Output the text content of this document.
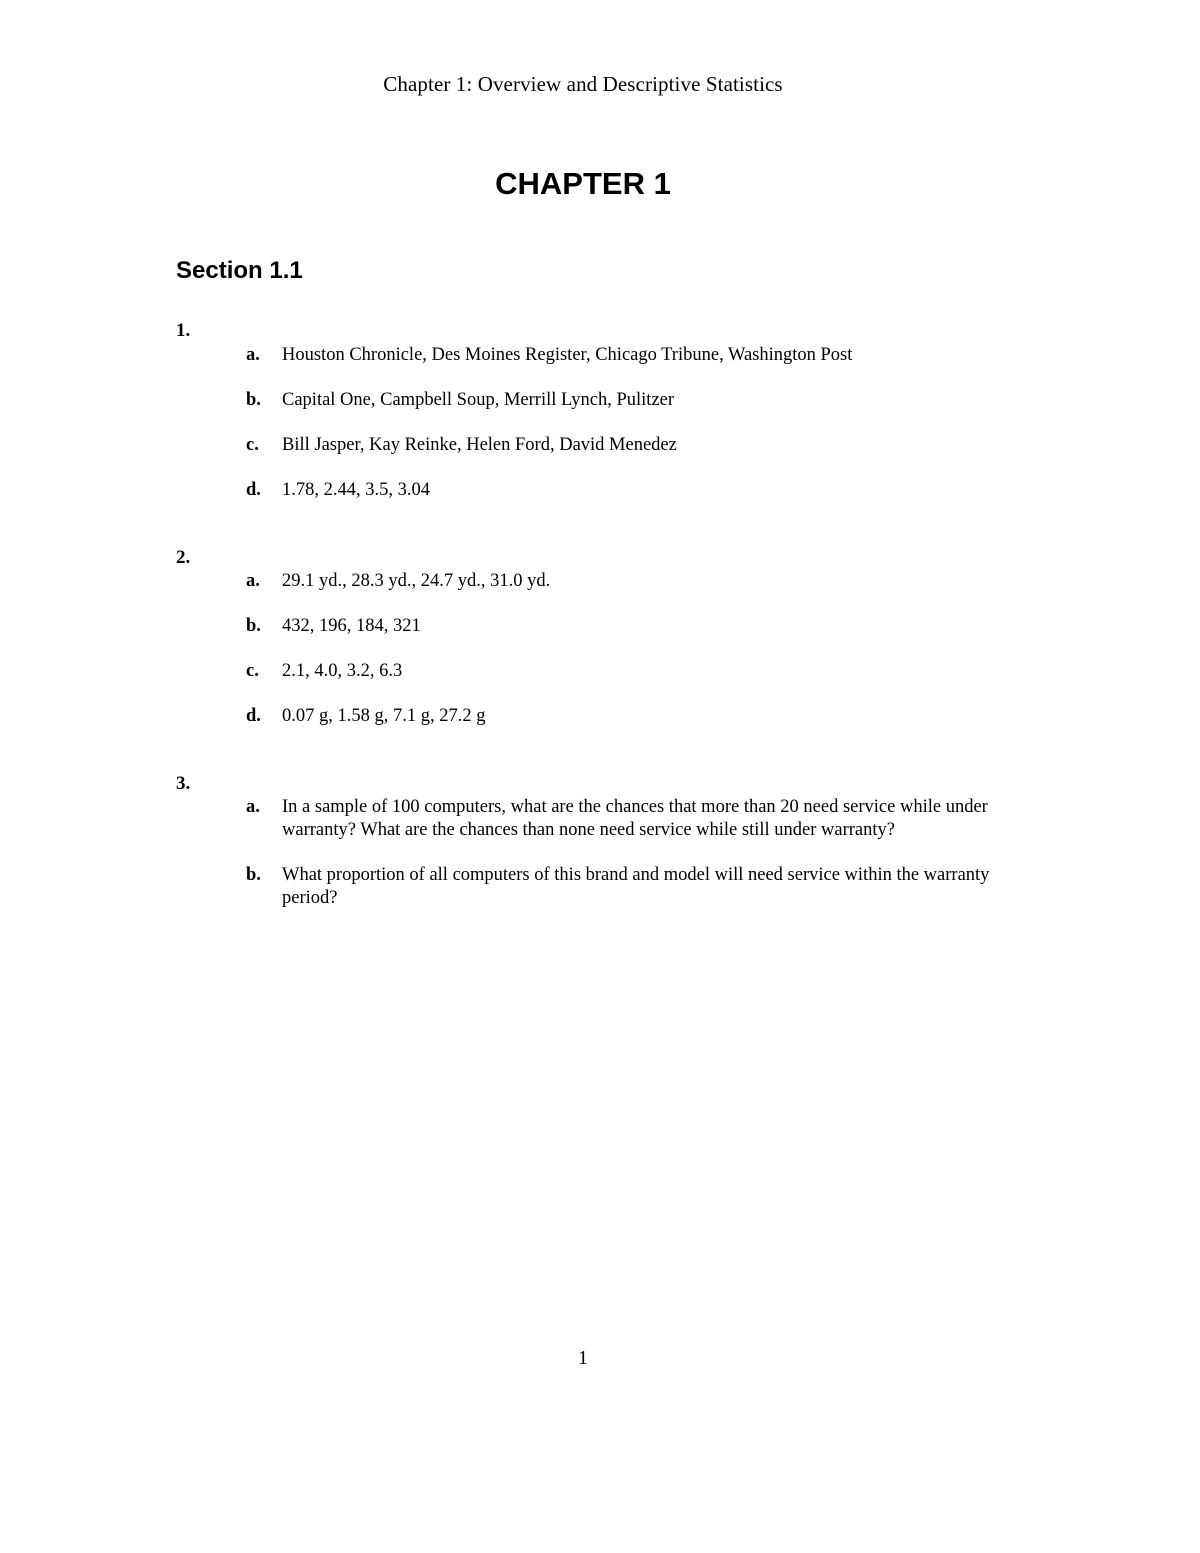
Chapter 1: Overview and Descriptive Statistics
CHAPTER 1
Section 1.1
1.
a. Houston Chronicle, Des Moines Register, Chicago Tribune, Washington Post
b. Capital One, Campbell Soup, Merrill Lynch, Pulitzer
c. Bill Jasper, Kay Reinke, Helen Ford, David Menedez
d. 1.78, 2.44, 3.5, 3.04
2.
a. 29.1 yd., 28.3 yd., 24.7 yd., 31.0 yd.
b. 432, 196, 184, 321
c. 2.1, 4.0, 3.2, 6.3
d. 0.07 g, 1.58 g, 7.1 g, 27.2 g
3.
a. In a sample of 100 computers, what are the chances that more than 20 need service while under warranty? What are the chances than none need service while still under warranty?
b. What proportion of all computers of this brand and model will need service within the warranty period?
1
